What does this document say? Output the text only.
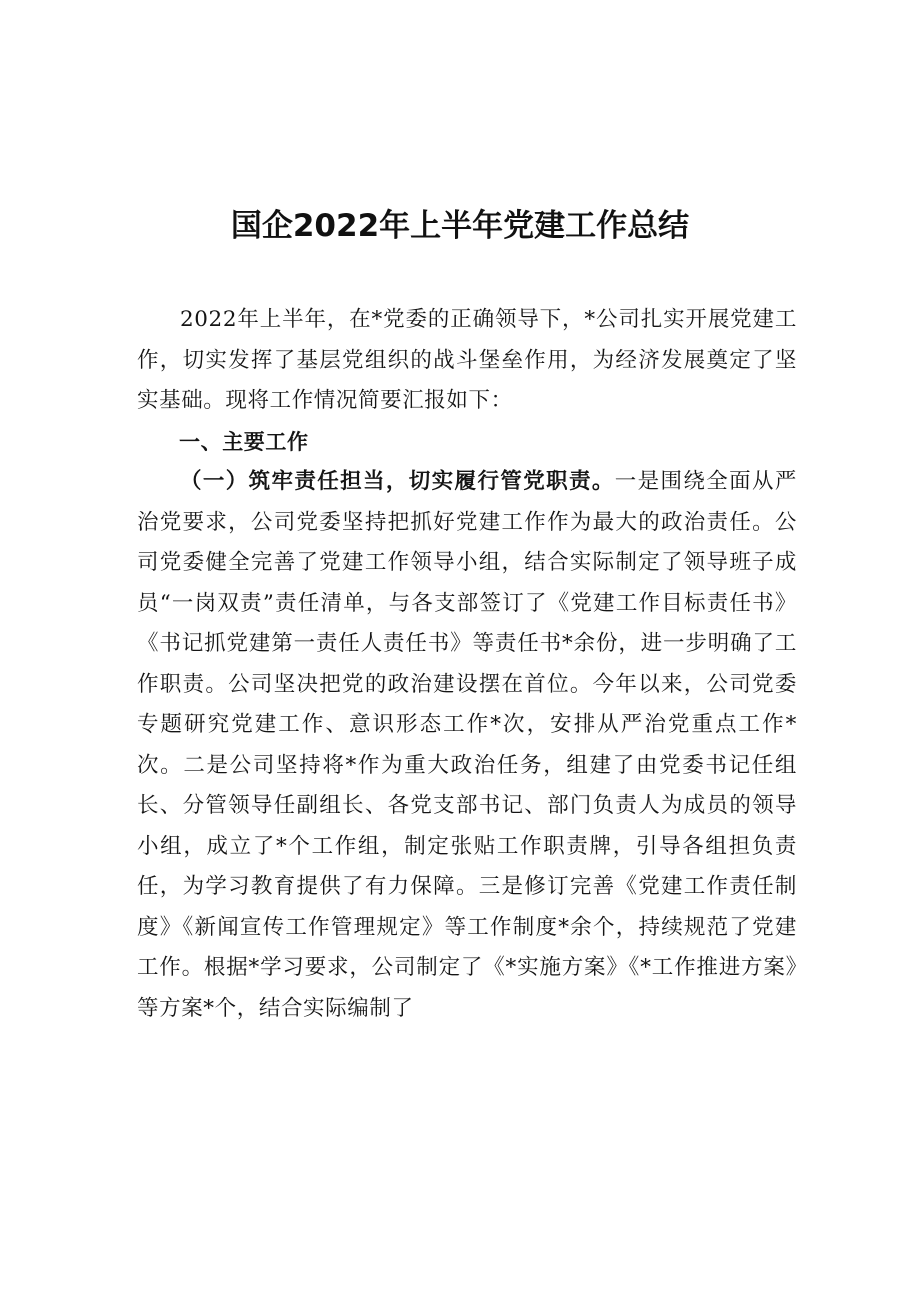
国企2022年上半年党建工作总结

2022年上半年，在*党委的正确领导下，*公司扎实开展党建工作，切实发挥了基层党组织的战斗堡垒作用，为经济发展奠定了坚实基础。现将工作情况简要汇报如下：

一、主要工作

（一）筑牢责任担当，切实履行管党职责。一是围绕全面从严治党要求，公司党委坚持把抓好党建工作作为最大的政治责任。公司党委健全完善了党建工作领导小组，结合实际制定了领导班子成员“一岗双责”责任清单，与各支部签订了《党建工作目标责任书》《书记抓党建第一责任人责任书》等责任书*余份，进一步明确了工作职责。公司坚决把党的政治建设摆在首位。今年以来，公司党委专题研究党建工作、意识形态工作*次，安排从严治党重点工作*次。二是公司坚持将*作为重大政治任务，组建了由党委书记任组长、分管领导任副组长、各党支部书记、部门负责人为成员的领导小组，成立了*个工作组，制定张贴工作职责牌，引导各组担负责任，为学习教育提供了有力保障。三是修订完善《党建工作责任制度》《新闻宣传工作管理规定》等工作制度*余个，持续规范了党建工作。根据*学习要求，公司制定了《*实施方案》《*工作推进方案》等方案*个，结合实际编制了
